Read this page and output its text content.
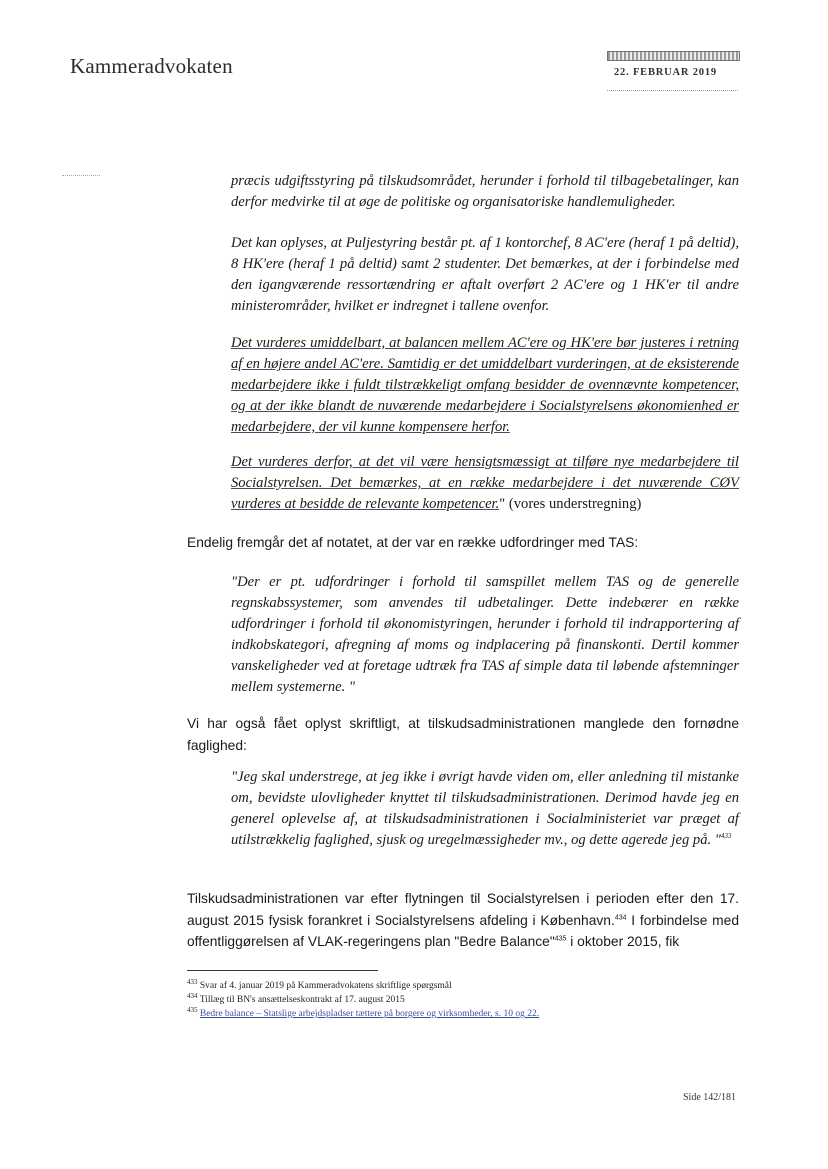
Kammeradvokaten	22. FEBRUAR 2019

præcis udgiftsstyring på tilskudsområdet, herunder i forhold til tilbagebetalinger, kan derfor medvirke til at øge de politiske og organisatoriske handlemuligheder.

Det kan oplyses, at Puljestyring består pt. af 1 kontorchef, 8 AC'ere (heraf 1 på deltid), 8 HK'ere (heraf 1 på deltid) samt 2 studenter. Det bemærkes, at der i forbindelse med den igangværende ressortændring er aftalt overført 2 AC'ere og 1 HK'er til andre ministerområder, hvilket er indregnet i tallene ovenfor.

Det vurderes umiddelbart, at balancen mellem AC'ere og HK'ere bør justeres i retning af en højere andel AC'ere. Samtidig er det umiddelbart vurderingen, at de eksisterende medarbejdere ikke i fuldt tilstrækkeligt omfang besidder de ovennævnte kompetencer, og at der ikke blandt de nuværende medarbejdere i Socialstyrelsens økonomienhed er medarbejdere, der vil kunne kompensere herfor.

Det vurderes derfor, at det vil være hensigtsmæssigt at tilføre nye medarbejdere til Socialstyrelsen. Det bemærkes, at en række medarbejdere i det nuværende CØV vurderes at besidde de relevante kompetencer." (vores understregning)

Endelig fremgår det af notatet, at der var en række udfordringer med TAS:

"Der er pt. udfordringer i forhold til samspillet mellem TAS og de generelle regnskabssystemer, som anvendes til udbetalinger. Dette indebærer en række udfordringer i forhold til økonomistyringen, herunder i forhold til indrapportering af indkobskategori, afregning af moms og indplacering på finanskonti. Dertil kommer vanskeligheder ved at foretage udtræk fra TAS af simple data til løbende afstemninger mellem systemerne. "

Vi har også fået oplyst skriftligt, at tilskudsadministrationen manglede den fornødne faglighed:

"Jeg skal understrege, at jeg ikke i øvrigt havde viden om, eller anledning til mistanke om, bevidste ulovligheder knyttet til tilskudsadministrationen. Derimod havde jeg en generel oplevelse af, at tilskudsadministrationen i Socialministeriet var præget af utilstrækkelig faglighed, sjusk og uregelmæssigheder mv., og dette agerede jeg på. "$^{433}$

Tilskudsadministrationen var efter flytningen til Socialstyrelsen i perioden efter den 17. august 2015 fysisk forankret i Socialstyrelsens afdeling i København.$^{434}$ I forbindelse med offentliggørelsen af VLAK-regeringens plan "Bedre Balance"$^{435}$ i oktober 2015, fik

$^{433}$ Svar af 4. januar 2019 på Kammeradvokatens skriftlige spørgsmål
$^{434}$ Tillæg til BN's ansættelseskontrakt af 17. august 2015
$^{435}$ Bedre balance – Statslige arbejdspladser tættere på borgere og virksomheder, s. 10 og 22.
Side 142/181
